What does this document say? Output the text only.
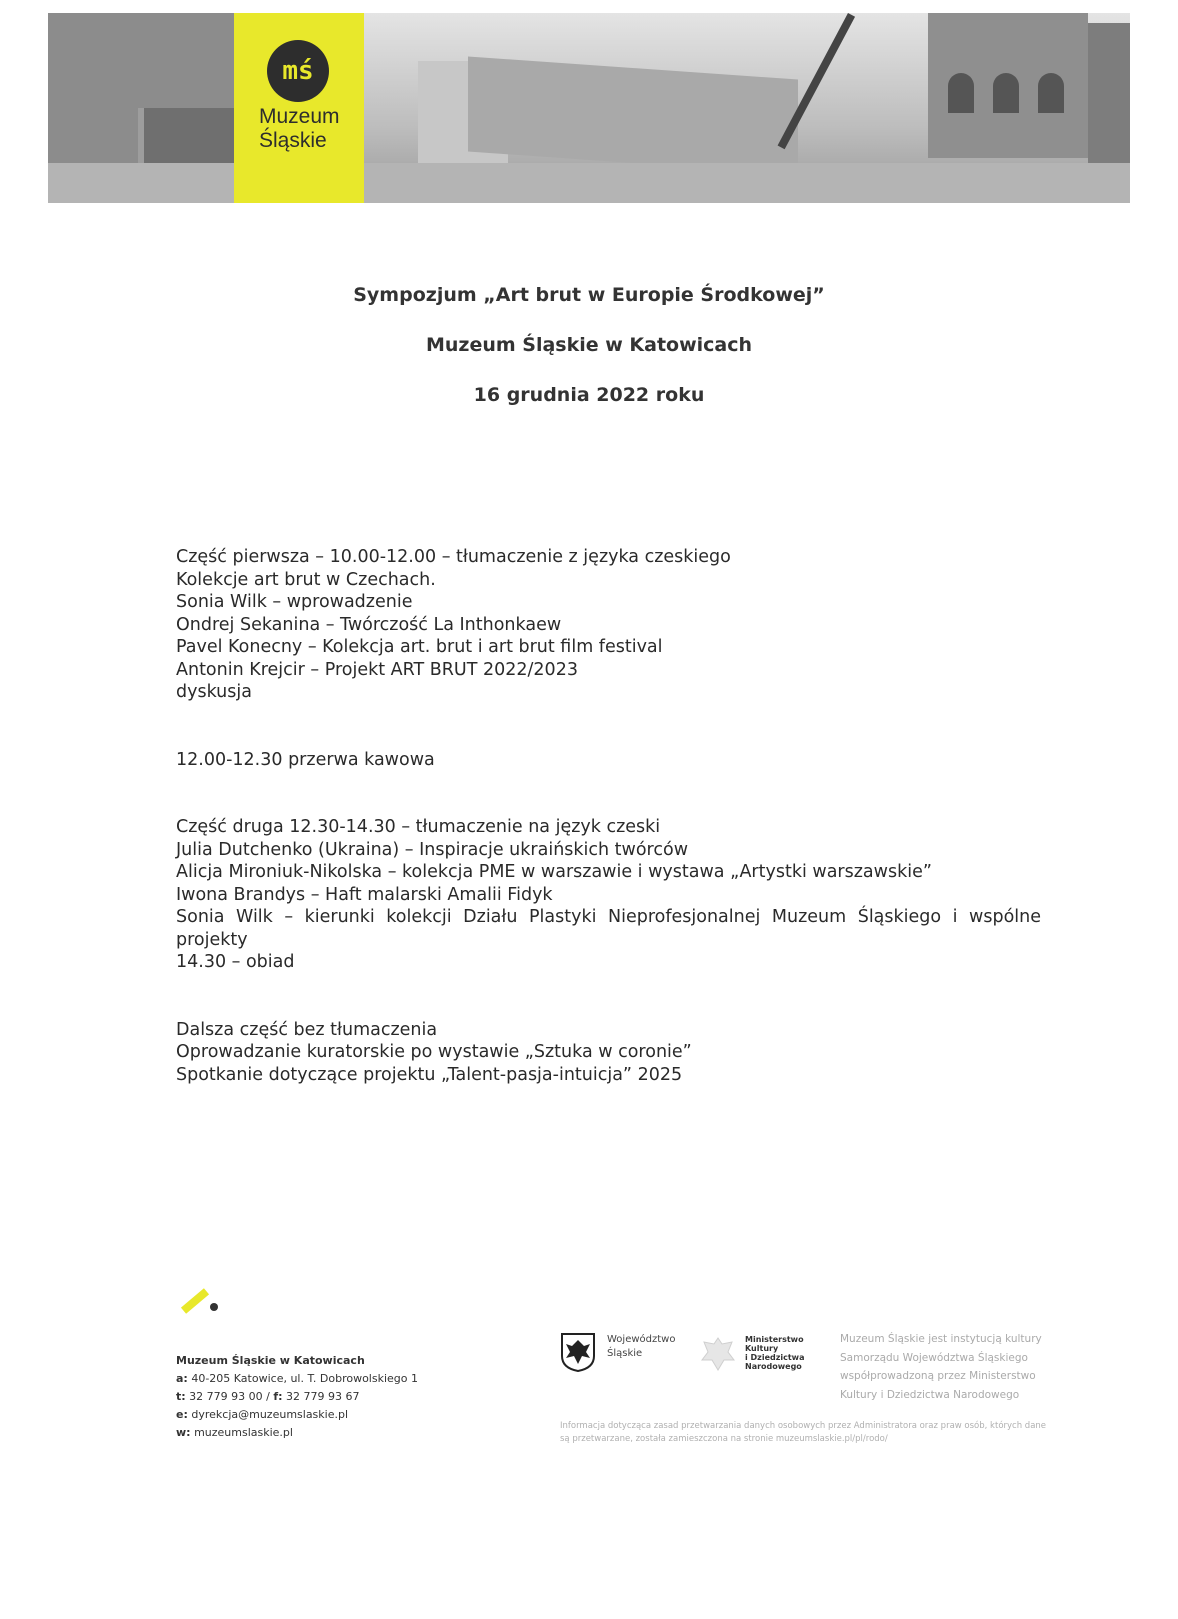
mś
Muzeum
Śląskie
Sympozjum „Art brut w Europie Środkowej”
Muzeum Śląskie w Katowicach
16 grudnia 2022 roku
Część pierwsza – 10.00-12.00 – tłumaczenie z języka czeskiego
Kolekcje art brut w Czechach.
Sonia Wilk – wprowadzenie
Ondrej Sekanina – Twórczość La Inthonkaew
Pavel Konecny – Kolekcja art. brut i art brut film festival
Antonin Krejcir – Projekt ART BRUT 2022/2023
dyskusja
12.00-12.30 przerwa kawowa
Część druga 12.30-14.30 – tłumaczenie na język czeski
Julia Dutchenko (Ukraina) – Inspiracje ukraińskich twórców
Alicja Mironiuk-Nikolska – kolekcja PME w warszawie i wystawa „Artystki warszawskie”
Iwona Brandys – Haft malarski Amalii Fidyk
Sonia Wilk – kierunki kolekcji Działu Plastyki Nieprofesjonalnej Muzeum Śląskiego i wspólne projekty
14.30 – obiad
Dalsza część bez tłumaczenia
Oprowadzanie kuratorskie po wystawie „Sztuka w coronie”
Spotkanie dotyczące projektu „Talent-pasja-intuicja” 2025
Muzeum Śląskie w Katowicach
a: 40-205 Katowice, ul. T. Dobrowolskiego 1
t: 32 779 93 00 / f: 32 779 93 67
e: dyrekcja@muzeumslaskie.pl
w: muzeumslaskie.pl
Województwo
Śląskie
Ministerstwo
Kultury
i Dziedzictwa
Narodowego
Muzeum Śląskie jest instytucją kultury
Samorządu Województwa Śląskiego
współprowadzoną przez Ministerstwo
Kultury i Dziedzictwa Narodowego
Informacja dotycząca zasad przetwarzania danych osobowych przez Administratora oraz praw osób, których dane są przetwarzane, została zamieszczona na stronie muzeumslaskie.pl/pl/rodo/
